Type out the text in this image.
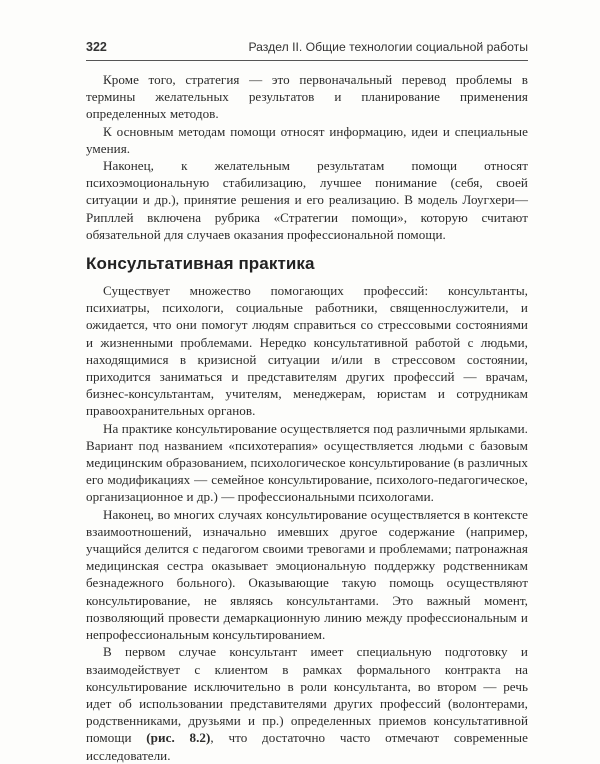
322	Раздел II. Общие технологии социальной работы

Кроме того, стратегия — это первоначальный перевод проблемы в термины желательных результатов и планирование применения определенных методов.

К основным методам помощи относят информацию, идеи и специальные умения.

Наконец, к желательным результатам помощи относят психоэмоциональную стабилизацию, лучшее понимание (себя, своей ситуации и др.), принятие решения и его реализацию. В модель Лоугхери—Рипллей включена рубрика «Стратегии помощи», которую считают обязательной для случаев оказания профессиональной помощи.

Консультативная практика

Существует множество помогающих профессий: консультанты, психиатры, психологи, социальные работники, священнослужители, и ожидается, что они помогут людям справиться со стрессовыми состояниями и жизненными проблемами. Нередко консультативной работой с людьми, находящимися в кризисной ситуации и/или в стрессовом состоянии, приходится заниматься и представителям других профессий — врачам, бизнес-консультантам, учителям, менеджерам, юристам и сотрудникам правоохранительных органов.

На практике консультирование осуществляется под различными ярлыками. Вариант под названием «психотерапия» осуществляется людьми с базовым медицинским образованием, психологическое консультирование (в различных его модификациях — семейное консультирование, психолого-педагогическое, организационное и др.) — профессиональными психологами.

Наконец, во многих случаях консультирование осуществляется в контексте взаимоотношений, изначально имевших другое содержание (например, учащийся делится с педагогом своими тревогами и проблемами; патронажная медицинская сестра оказывает эмоциональную поддержку родственникам безнадежного больного). Оказывающие такую помощь осуществляют консультирование, не являясь консультантами. Это важный момент, позволяющий провести демаркационную линию между профессиональным и непрофессиональным консультированием.

В первом случае консультант имеет специальную подготовку и взаимодействует с клиентом в рамках формального контракта на консультирование исключительно в роли консультанта, во втором — речь идет об использовании представителями других профессий (волонтерами, родственниками, друзьями и пр.) определенных приемов консультативной помощи (рис. 8.2), что достаточно часто отмечают современные исследователи.
